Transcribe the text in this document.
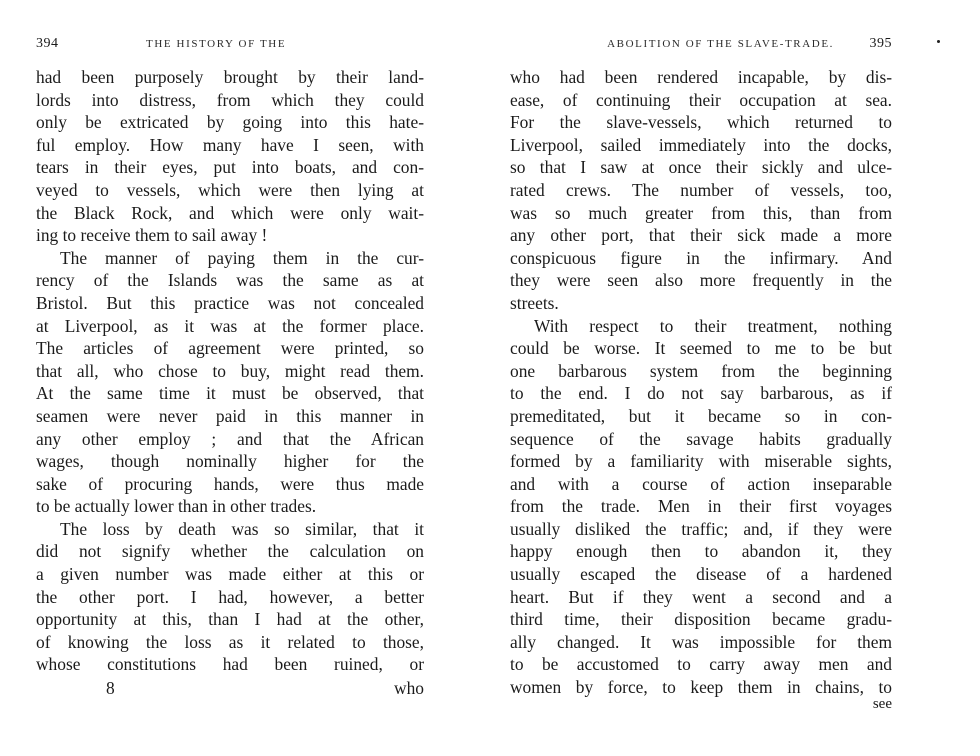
394	THE HISTORY OF THE
had been purposely brought by their land-
lords into distress, from which they could
only be extricated by going into this hate-
ful employ. How many have I seen, with
tears in their eyes, put into boats, and con-
veyed to vessels, which were then lying at
the Black Rock, and which were only wait-
ing to receive them to sail away !
The manner of paying them in the cur-
rency of the Islands was the same as at
Bristol. But this practice was not concealed
at Liverpool, as it was at the former place.
The articles of agreement were printed, so
that all, who chose to buy, might read them.
At the same time it must be observed, that
seamen were never paid in this manner in
any other employ ; and that the African
wages, though nominally higher for the
sake of procuring hands, were thus made
to be actually lower than in other trades.
The loss by death was so similar, that it
did not signify whether the calculation on
a given number was made either at this or
the other port. I had, however, a better
opportunity at this, than I had at the other,
of knowing the loss as it related to those,
whose constitutions had been ruined, or
8	who
ABOLITION OF THE SLAVE-TRADE.	395
who had been rendered incapable, by dis-
ease, of continuing their occupation at sea.
For the slave-vessels, which returned to
Liverpool, sailed immediately into the docks,
so that I saw at once their sickly and ulce-
rated crews. The number of vessels, too,
was so much greater from this, than from
any other port, that their sick made a more
conspicuous figure in the infirmary. And
they were seen also more frequently in the
streets.
With respect to their treatment, nothing
could be worse. It seemed to me to be but
one barbarous system from the beginning
to the end. I do not say barbarous, as if
premeditated, but it became so in con-
sequence of the savage habits gradually
formed by a familiarity with miserable sights,
and with a course of action inseparable
from the trade. Men in their first voyages
usually disliked the traffic; and, if they were
happy enough then to abandon it, they
usually escaped the disease of a hardened
heart. But if they went a second and a
third time, their disposition became gradu-
ally changed. It was impossible for them
to be accustomed to carry away men and
women by force, to keep them in chains, to
see
